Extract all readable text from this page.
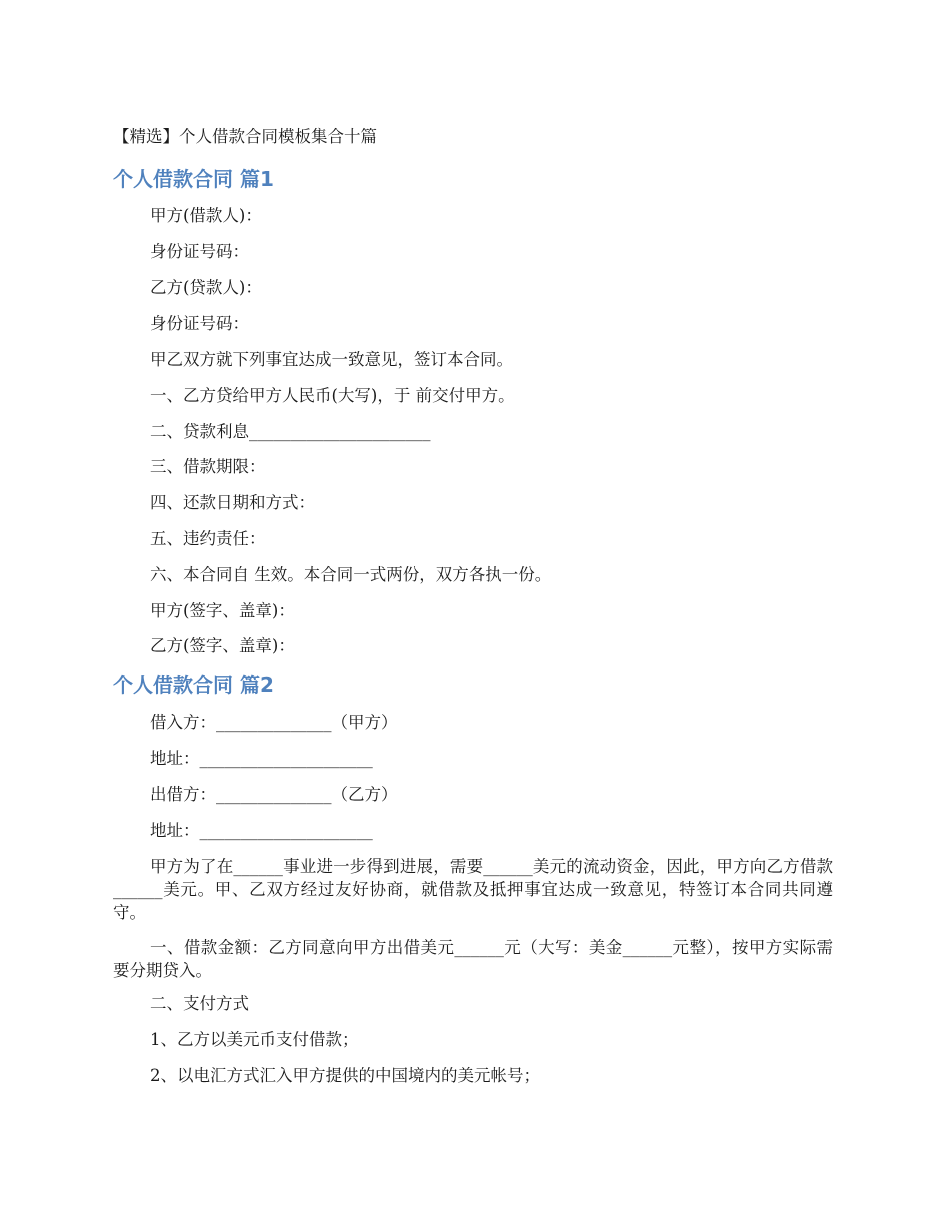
【精选】个人借款合同模板集合十篇
个人借款合同 篇1
甲方(借款人)：
身份证号码：
乙方(贷款人)：
身份证号码：
甲乙双方就下列事宜达成一致意见，签订本合同。
一、乙方贷给甲方人民币(大写)，于 前交付甲方。
二、贷款利息______________________
三、借款期限：
四、还款日期和方式：
五、违约责任：
六、本合同自 生效。本合同一式两份，双方各执一份。
甲方(签字、盖章)：
乙方(签字、盖章)：
个人借款合同 篇2
借入方：______________（甲方）
地址：_____________________
出借方：______________（乙方）
地址：_____________________
甲方为了在______事业进一步得到进展，需要______美元的流动资金，因此，甲方向乙方借款______美元。甲、乙双方经过友好协商，就借款及抵押事宜达成一致意见，特签订本合同共同遵守。
一、借款金额：乙方同意向甲方出借美元______元（大写：美金______元整），按甲方实际需要分期贷入。
二、支付方式
1、乙方以美元币支付借款；
2、以电汇方式汇入甲方提供的中国境内的美元帐号；
